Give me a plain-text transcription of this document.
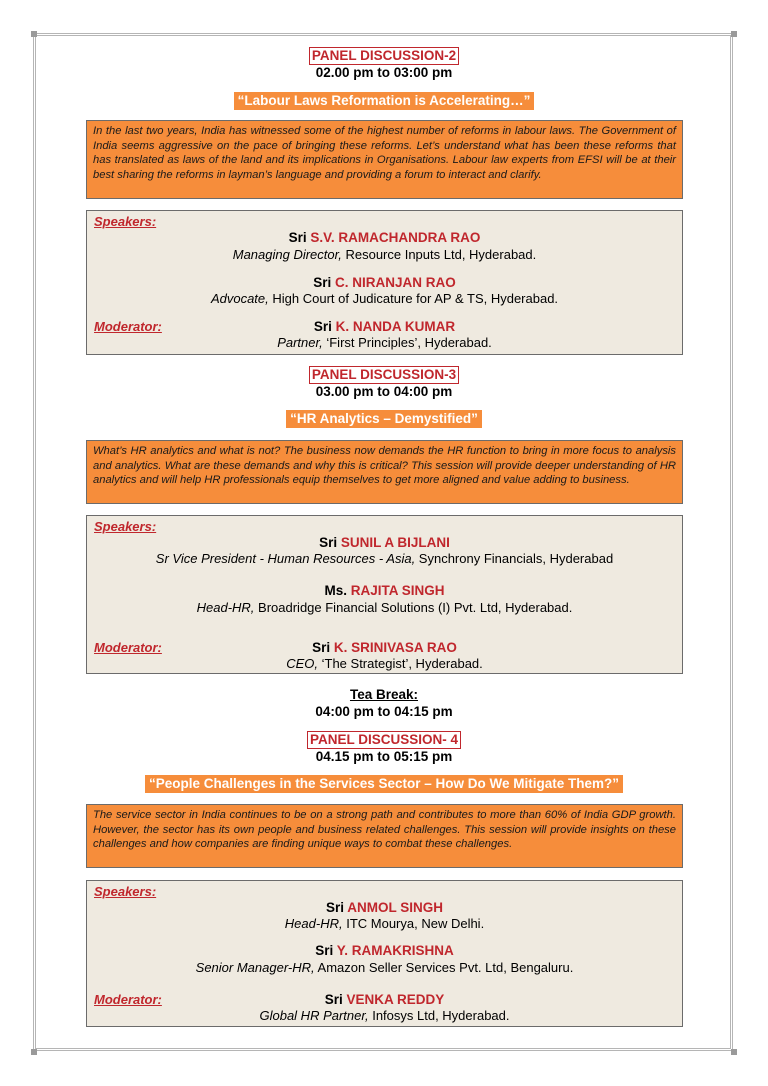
PANEL DISCUSSION-2
02.00 pm to 03:00 pm
“Labour Laws Reformation is Accelerating…”
In the last two years, India has witnessed some of the highest number of reforms in labour laws. The Government of India seems aggressive on the pace of bringing these reforms. Let’s understand what has been these reforms that has translated as laws of the land and its implications in Organisations. Labour law experts from EFSI will be at their best sharing the reforms in layman’s language and providing a forum to interact and clarify.
Speakers:
Sri S.V. RAMACHANDRA RAO
Managing Director, Resource Inputs Ltd, Hyderabad.
Sri C. NIRANJAN RAO
Advocate, High Court of Judicature for AP & TS, Hyderabad.
Moderator:	Sri K. NANDA KUMAR
Partner, ‘First Principles’, Hyderabad.
PANEL DISCUSSION-3
03.00 pm to 04:00 pm
“HR Analytics – Demystified”
What’s HR analytics and what is not? The business now demands the HR function to bring in more focus to analysis and analytics. What are these demands and why this is critical? This session will provide deeper understanding of HR analytics and will help HR professionals equip themselves to get more aligned and value adding to business.
Speakers:
Sri SUNIL A BIJLANI
Sr Vice President - Human Resources - Asia, Synchrony Financials, Hyderabad
Ms. RAJITA SINGH
Head-HR, Broadridge Financial Solutions (I) Pvt. Ltd, Hyderabad.
Moderator:	Sri K. SRINIVASA RAO
CEO, ‘The Strategist’, Hyderabad.
Tea Break:
04:00 pm to 04:15 pm
PANEL DISCUSSION- 4
04.15 pm to 05:15 pm
“People Challenges in the Services Sector – How Do We Mitigate Them?”
The service sector in India continues to be on a strong path and contributes to more than 60% of India GDP growth. However, the sector has its own people and business related challenges. This session will provide insights on these challenges and how companies are finding unique ways to combat these challenges.
Speakers:
Sri ANMOL SINGH
Head-HR, ITC Mourya, New Delhi.
Sri Y. RAMAKRISHNA
Senior Manager-HR, Amazon Seller Services Pvt. Ltd, Bengaluru.
Moderator:	Sri VENKA REDDY
Global HR Partner, Infosys Ltd, Hyderabad.
